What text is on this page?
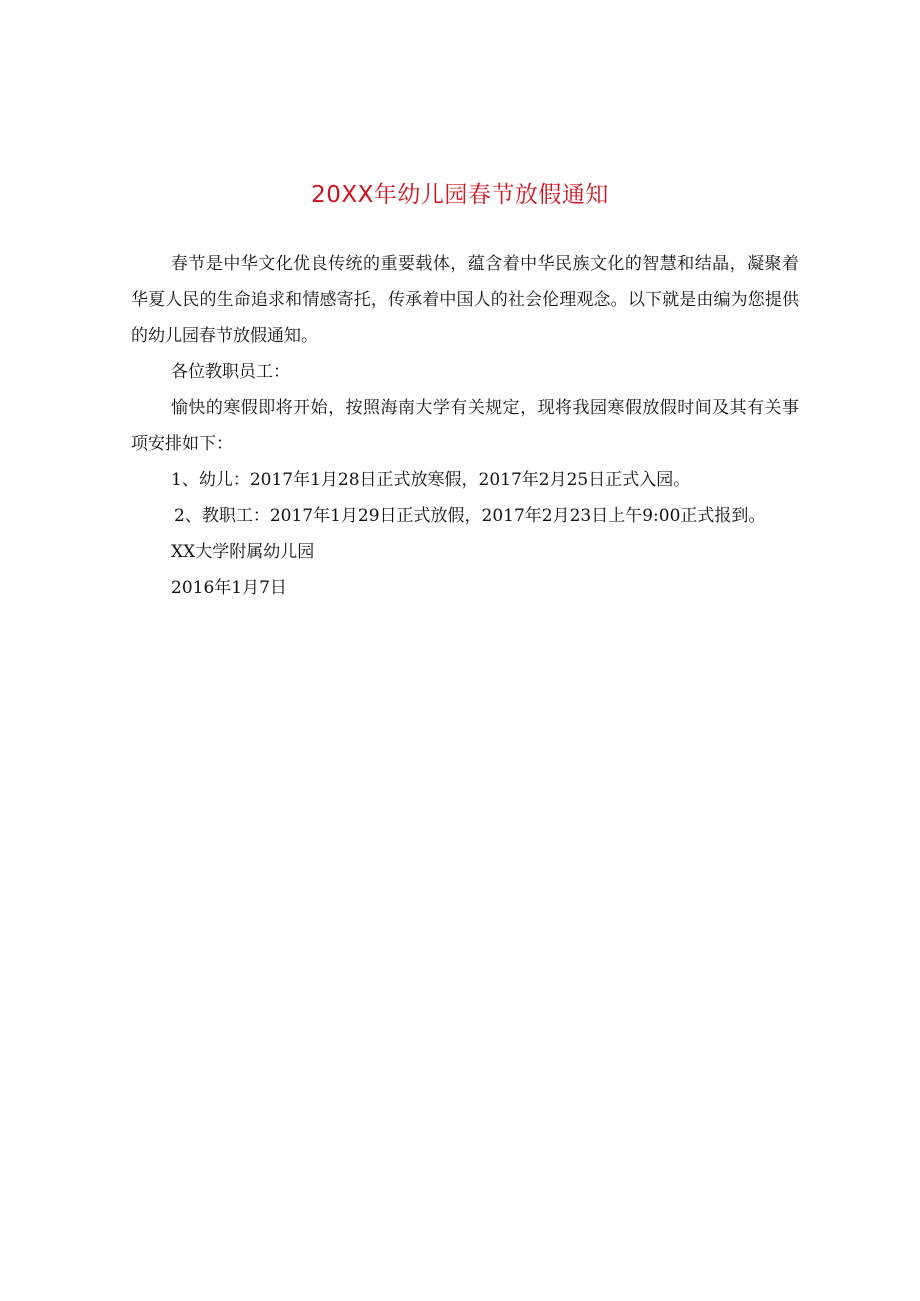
20XX年幼儿园春节放假通知

春节是中华文化优良传统的重要载体，蕴含着中华民族文化的智慧和结晶，凝聚着华夏人民的生命追求和情感寄托，传承着中国人的社会伦理观念。以下就是由编为您提供的幼儿园春节放假通知。

各位教职员工：

愉快的寒假即将开始，按照海南大学有关规定，现将我园寒假放假时间及其有关事项安排如下：

1、幼儿：2017年1月28日正式放寒假，2017年2月25日正式入园。

2、教职工：2017年1月29日正式放假，2017年2月23日上午9:00正式报到。

XX大学附属幼儿园

2016年1月7日
